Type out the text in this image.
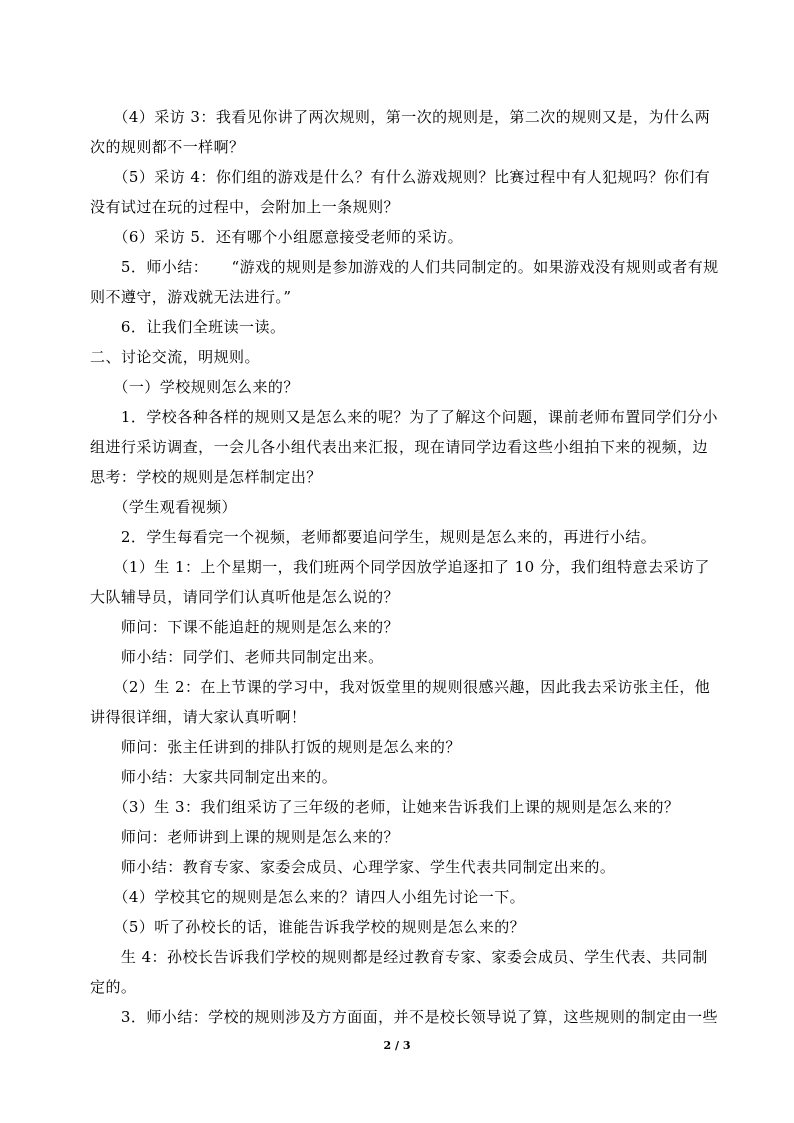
　　（4）采访 3：我看见你讲了两次规则，第一次的规则是，第二次的规则又是，为什么两
次的规则都不一样啊？
　　（5）采访 4：你们组的游戏是什么？有什么游戏规则？比赛过程中有人犯规吗？你们有
没有试过在玩的过程中，会附加上一条规则？
　　（6）采访 5．还有哪个小组愿意接受老师的采访。
　　5．师小结：　　“游戏的规则是参加游戏的人们共同制定的。如果游戏没有规则或者有规
则不遵守，游戏就无法进行。”
　　6．让我们全班读一读。
二、讨论交流，明规则。
　　（一）学校规则怎么来的？
　　1．学校各种各样的规则又是怎么来的呢？为了了解这个问题，课前老师布置同学们分小
组进行采访调查，一会儿各小组代表出来汇报，现在请同学边看这些小组拍下来的视频，边
思考：学校的规则是怎样制定出？
　　（学生观看视频）
　　2．学生每看完一个视频，老师都要追问学生，规则是怎么来的，再进行小结。
　　（1）生 1：上个星期一，我们班两个同学因放学追逐扣了 10 分，我们组特意去采访了
大队辅导员，请同学们认真听他是怎么说的？
　　师问：下课不能追赶的规则是怎么来的？
　　师小结：同学们、老师共同制定出来。
　　（2）生 2：在上节课的学习中，我对饭堂里的规则很感兴趣，因此我去采访张主任，他
讲得很详细，请大家认真听啊！
　　师问：张主任讲到的排队打饭的规则是怎么来的？
　　师小结：大家共同制定出来的。
　　（3）生 3：我们组采访了三年级的老师，让她来告诉我们上课的规则是怎么来的？
　　师问：老师讲到上课的规则是怎么来的？
　　师小结：教育专家、家委会成员、心理学家、学生代表共同制定出来的。
　　（4）学校其它的规则是怎么来的？请四人小组先讨论一下。
　　（5）听了孙校长的话，谁能告诉我学校的规则是怎么来的？
　　生 4：孙校长告诉我们学校的规则都是经过教育专家、家委会成员、学生代表、共同制
定的。
　　3．师小结：学校的规则涉及方方面面，并不是校长领导说了算，这些规则的制定由一些
2 / 3
